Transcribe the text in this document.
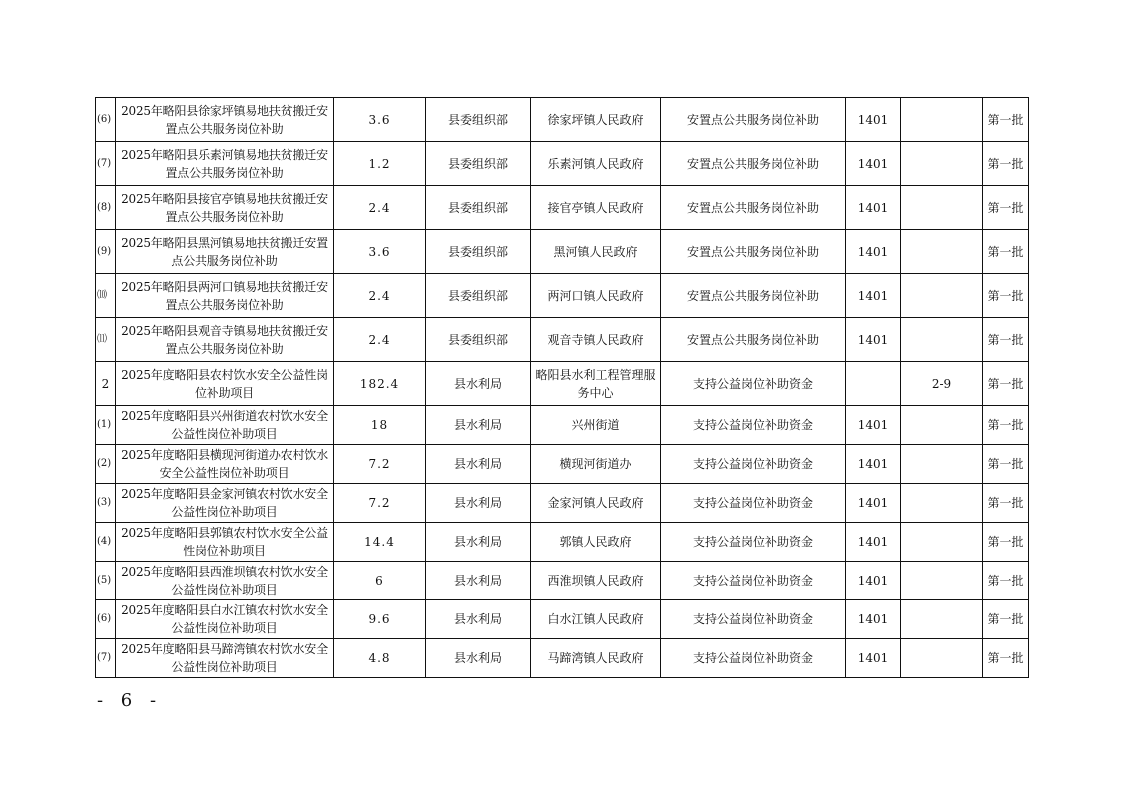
(6)	2025年略阳县徐家坪镇易地扶贫搬迁安置点公共服务岗位补助	3.6	县委组织部	徐家坪镇人民政府	安置点公共服务岗位补助	1401		第一批
(7)	2025年略阳县乐素河镇易地扶贫搬迁安置点公共服务岗位补助	1.2	县委组织部	乐素河镇人民政府	安置点公共服务岗位补助	1401		第一批
(8)	2025年略阳县接官亭镇易地扶贫搬迁安置点公共服务岗位补助	2.4	县委组织部	接官亭镇人民政府	安置点公共服务岗位补助	1401		第一批
(9)	2025年略阳县黑河镇易地扶贫搬迁安置点公共服务岗位补助	3.6	县委组织部	黑河镇人民政府	安置点公共服务岗位补助	1401		第一批
⑽	2025年略阳县两河口镇易地扶贫搬迁安置点公共服务岗位补助	2.4	县委组织部	两河口镇人民政府	安置点公共服务岗位补助	1401		第一批
⑾	2025年略阳县观音寺镇易地扶贫搬迁安置点公共服务岗位补助	2.4	县委组织部	观音寺镇人民政府	安置点公共服务岗位补助	1401		第一批
2	2025年度略阳县农村饮水安全公益性岗位补助项目	182.4	县水利局	略阳县水利工程管理服务中心	支持公益岗位补助资金		2-9	第一批
(1)	2025年度略阳县兴州街道农村饮水安全公益性岗位补助项目	18	县水利局	兴州街道	支持公益岗位补助资金	1401		第一批
(2)	2025年度略阳县横现河街道办农村饮水安全公益性岗位补助项目	7.2	县水利局	横现河街道办	支持公益岗位补助资金	1401		第一批
(3)	2025年度略阳县金家河镇农村饮水安全公益性岗位补助项目	7.2	县水利局	金家河镇人民政府	支持公益岗位补助资金	1401		第一批
(4)	2025年度略阳县郭镇农村饮水安全公益性岗位补助项目	14.4	县水利局	郭镇人民政府	支持公益岗位补助资金	1401		第一批
(5)	2025年度略阳县西淮坝镇农村饮水安全公益性岗位补助项目	6	县水利局	西淮坝镇人民政府	支持公益岗位补助资金	1401		第一批
(6)	2025年度略阳县白水江镇农村饮水安全公益性岗位补助项目	9.6	县水利局	白水江镇人民政府	支持公益岗位补助资金	1401		第一批
(7)	2025年度略阳县马蹄湾镇农村饮水安全公益性岗位补助项目	4.8	县水利局	马蹄湾镇人民政府	支持公益岗位补助资金	1401		第一批
- 6 -
